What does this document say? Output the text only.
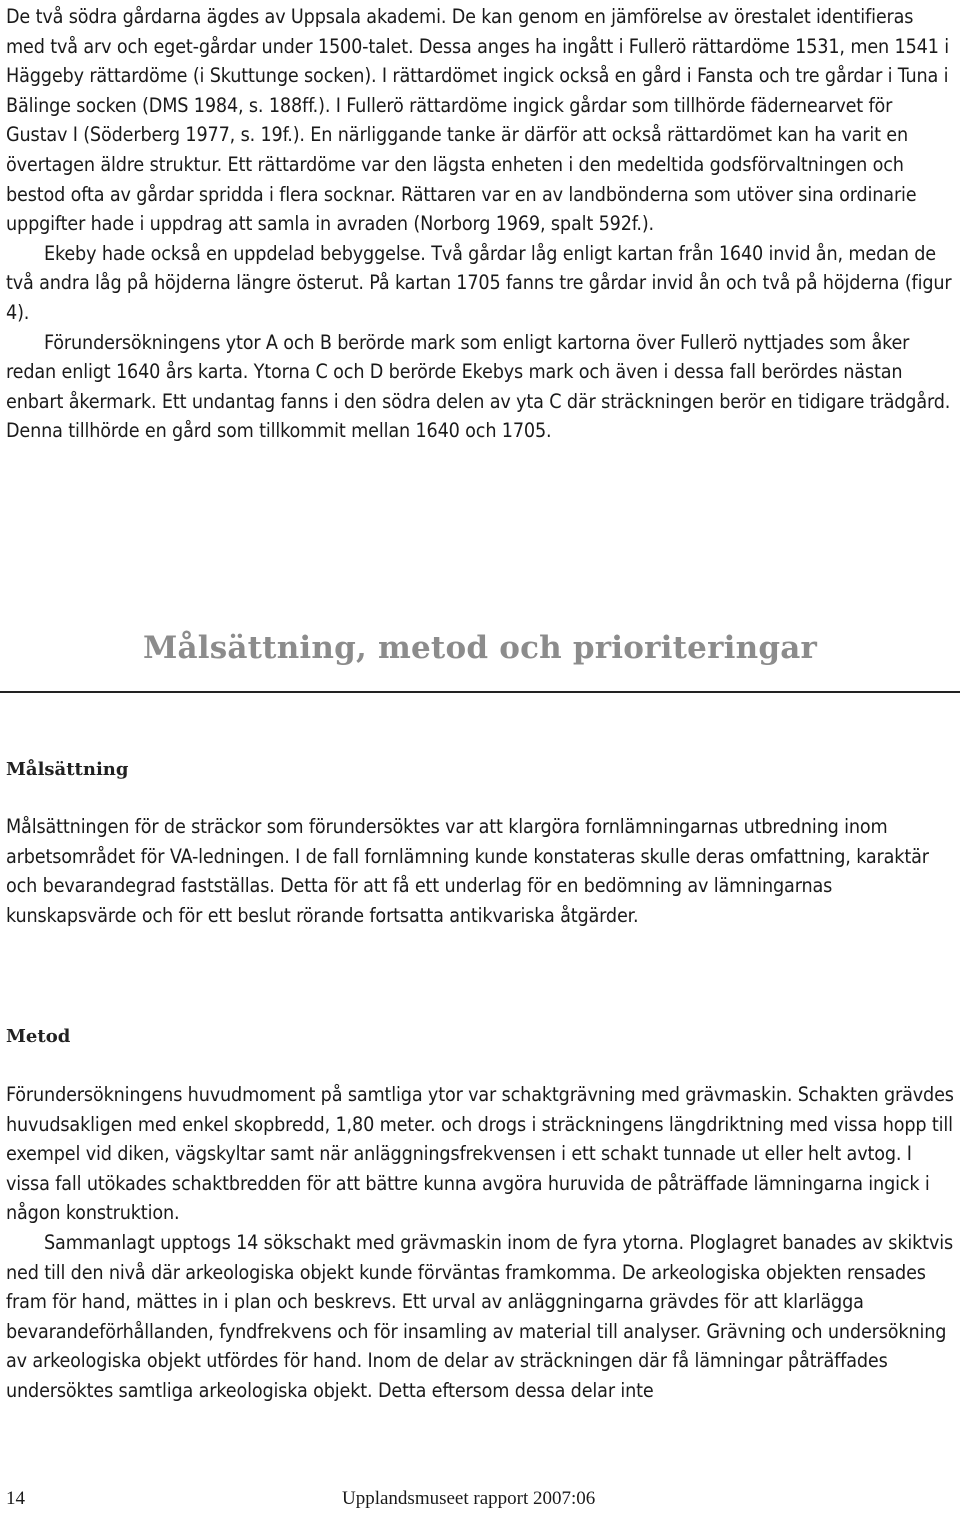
De två södra gårdarna ägdes av Uppsala akademi. De kan genom en jämförelse av örestalet identifieras med två arv och eget-gårdar under 1500-talet. Dessa anges ha ingått i Fullerö rättardöme 1531, men 1541 i Häggeby rättardöme (i Skuttunge socken). I rättardömet ingick också en gård i Fansta och tre gårdar i Tuna i Bälinge socken (DMS 1984, s. 188ff.). I Fullerö rättardöme ingick gårdar som tillhörde fädernearvet för Gustav I (Söderberg 1977, s. 19f.). En närliggande tanke är därför att också rättardömet kan ha varit en övertagen äldre struktur. Ett rättardöme var den lägsta enheten i den medeltida godsförvaltningen och bestod ofta av gårdar spridda i flera socknar. Rättaren var en av landbönderna som utöver sina ordinarie uppgifter hade i uppdrag att samla in avraden (Norborg 1969, spalt 592f.).

Ekeby hade också en uppdelad bebyggelse. Två gårdar låg enligt kartan från 1640 invid ån, medan de två andra låg på höjderna längre österut. På kartan 1705 fanns tre gårdar invid ån och två på höjderna (figur 4).

Förundersökningens ytor A och B berörde mark som enligt kartorna över Fullerö nyttjades som åker redan enligt 1640 års karta. Ytorna C och D berörde Ekebys mark och även i dessa fall berördes nästan enbart åkermark. Ett undantag fanns i den södra delen av yta C där sträckningen berör en tidigare trädgård. Denna tillhörde en gård som tillkommit mellan 1640 och 1705.

Målsättning, metod och prioriteringar
Målsättning

Målsättningen för de sträckor som förundersöktes var att klargöra fornlämningarnas utbredning inom arbetsområdet för VA-ledningen. I de fall fornlämning kunde konstateras skulle deras omfattning, karaktär och bevarandegrad fastställas. Detta för att få ett underlag för en bedömning av lämningarnas kunskapsvärde och för ett beslut rörande fortsatta antikvariska åtgärder.

Metod

Förundersökningens huvudmoment på samtliga ytor var schaktgrävning med grävmaskin. Schakten grävdes huvudsakligen med enkel skopbredd, 1,80 meter. och drogs i sträckningens längdriktning med vissa hopp till exempel vid diken, vägskyltar samt när anläggningsfrekvensen i ett schakt tunnade ut eller helt avtog. I vissa fall utökades schaktbredden för att bättre kunna avgöra huruvida de påträffade lämningarna ingick i någon konstruktion.

Sammanlagt upptogs 14 sökschakt med grävmaskin inom de fyra ytorna. Ploglagret banades av skiktvis ned till den nivå där arkeologiska objekt kunde förväntas framkomma. De arkeologiska objekten rensades fram för hand, mättes in i plan och beskrevs. Ett urval av anläggningarna grävdes för att klarlägga bevarandeförhållanden, fyndfrekvens och för insamling av material till analyser. Grävning och undersökning av arkeologiska objekt utfördes för hand. Inom de delar av sträckningen där få lämningar påträffades undersöktes samtliga arkeologiska objekt. Detta eftersom dessa delar inte

14	Upplandsmuseet rapport 2007:06
